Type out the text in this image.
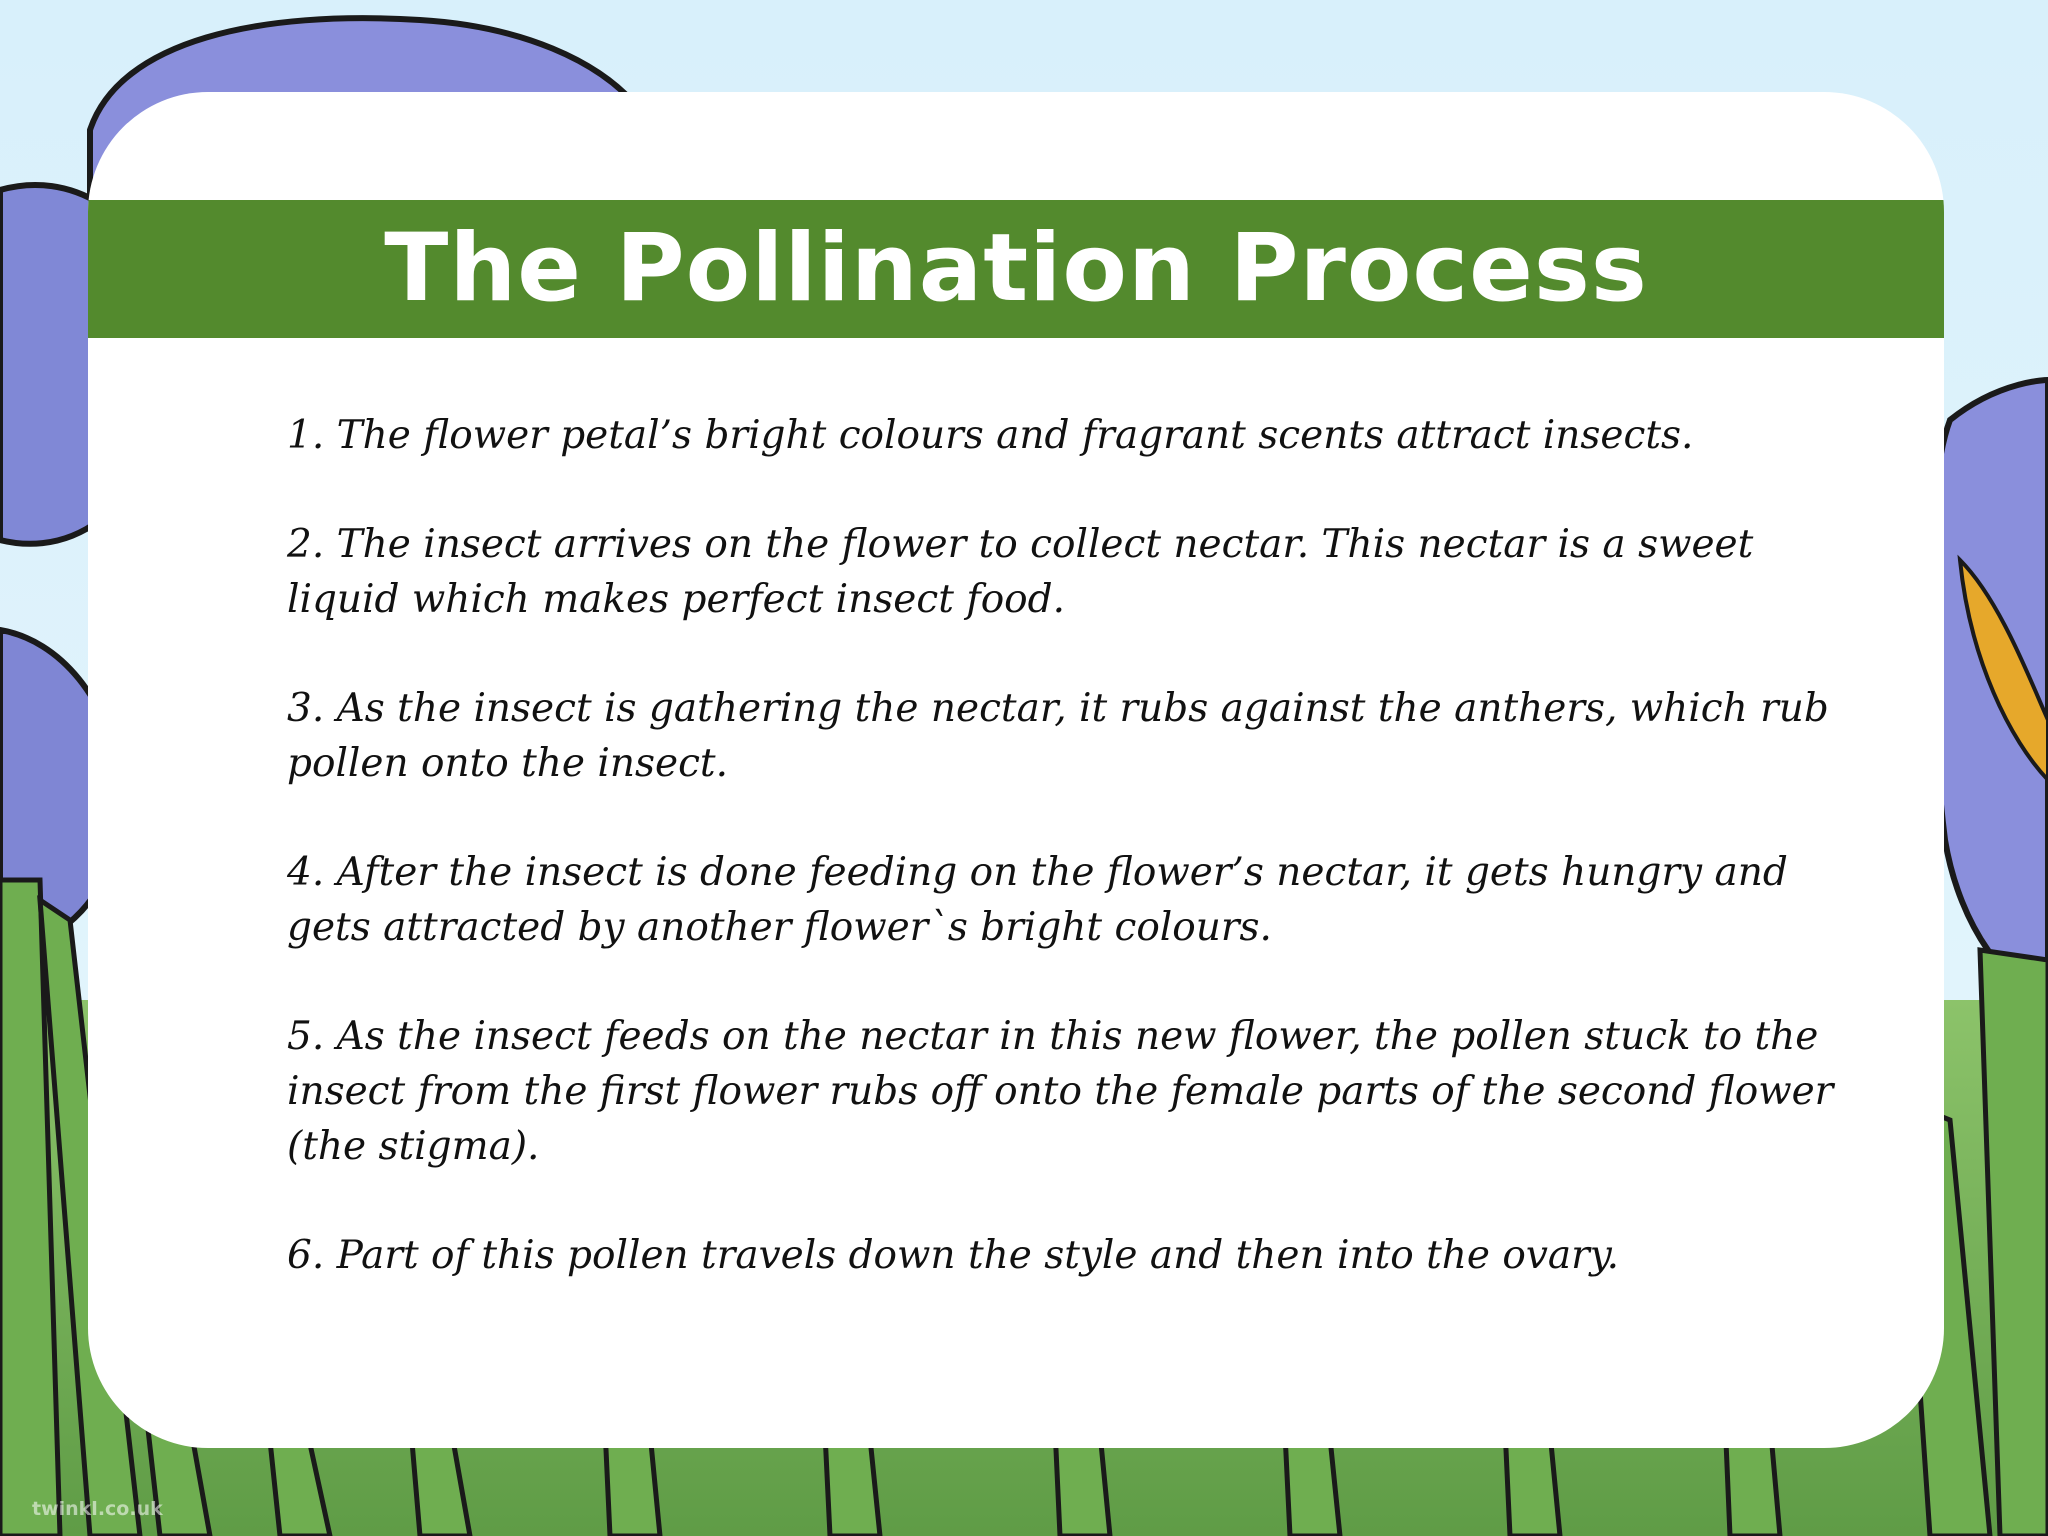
The Pollination Process
1. The flower petal’s bright colours and fragrant scents attract insects.
2. The insect arrives on the flower to collect nectar. This nectar is a sweet liquid which makes perfect insect food.
3. As the insect is gathering the nectar, it rubs against the anthers, which rub pollen onto the insect.
4. After the insect is done feeding on the flower’s nectar, it gets hungry and gets attracted by another flower`s bright colours.
5. As the insect feeds on the nectar in this new flower, the pollen stuck to the insect from the first flower rubs off onto the female parts of the second flower (the stigma).
6. Part of this pollen travels down the style and then into the ovary.
twinkl.co.uk
